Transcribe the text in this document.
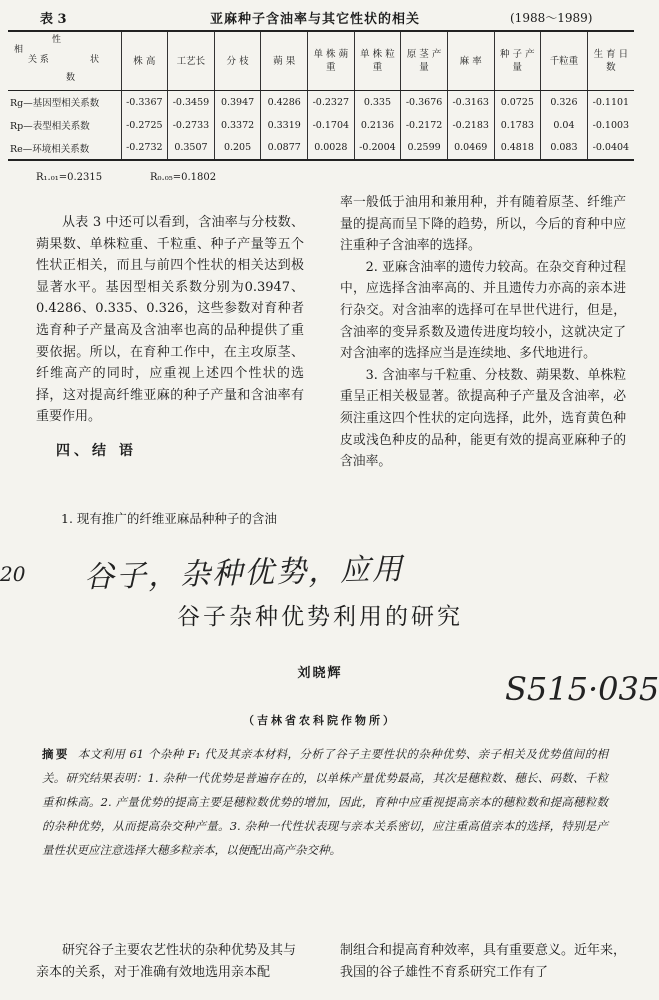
表 3	亚麻种子含油率与其它性状的相关	(1988～1989)
性
相
关 系 状
数	株 高	工艺长	分 枝	蒴 果	单 株 蒴 重	单 株 粒 重	原 茎 产 量	麻 率	种 子 产 量	千粒重	生 育 日 数
Rg—基因型相关系数	-0.3367	-0.3459	0.3947	0.4286	-0.2327	0.335	-0.3676	-0.3163	0.0725	0.326	-0.1101
Rp—表型相关系数	-0.2725	-0.2733	0.3372	0.3319	-0.1704	0.2136	-0.2172	-0.2183	0.1783	0.04	-0.1003
Re—环境相关系数	-0.2732	0.3507	0.205	0.0877	0.0028	-0.2004	0.2599	0.0469	0.4818	0.083	-0.0404
R₁.₀₁=0.2315	R₀.₀₅=0.1802

从表 3 中还可以看到，含油率与分枝数、蒴果数、单株粒重、千粒重、种子产量等五个性状正相关，而且与前四个性状的相关达到极显著水平。基因型相关系数分别为0.3947、0.4286、0.335、0.326，这些参数对育种者选育种子产量高及含油率也高的品种提供了重要依据。所以，在育种工作中，在主攻原茎、纤维高产的同时，应重视上述四个性状的选择，这对提高纤维亚麻的种子产量和含油率有重要作用。

四、结 语
1. 现有推广的纤维亚麻品种种子的含油

率一般低于油用和兼用种，并有随着原茎、纤维产量的提高而呈下降的趋势，所以，今后的育种中应注重种子含油率的选择。

2. 亚麻含油率的遗传力较高。在杂交育种过程中，应选择含油率高的、并且遗传力亦高的亲本进行杂交。对含油率的选择可在早世代进行，但是，含油率的变异系数及遗传进度均较小，这就决定了对含油率的选择应当是连续地、多代地进行。

3. 含油率与千粒重、分枝数、蒴果数、单株粒重呈正相关极显著。欲提高种子产量及含油率，必须注重这四个性状的定向选择，此外，选育黄色种皮或浅色种皮的品种，能更有效的提高亚麻种子的含油率。

20 谷子，杂种优势，应用
S515·035
谷子杂种优势利用的研究
刘晓辉
（吉林省农科院作物所）
摘要 本文利用 61 个杂种 F₁ 代及其亲本材料，分析了谷子主要性状的杂种优势、亲子相关及优势值间的相关。研究结果表明：1. 杂种一代优势是普遍存在的，以单株产量优势最高，其次是穗粒数、穗长、码数、千粒重和株高。2. 产量优势的提高主要是穗粒数优势的增加，因此，育种中应重视提高亲本的穗粒数和提高穗粒数的杂种优势，从而提高杂交种产量。3. 杂种一代性状表现与亲本关系密切，应注重高值亲本的选择，特别是产量性状更应注意选择大穗多粒亲本，以便配出高产杂交种。
研究谷子主要农艺性状的杂种优势及其与亲本的关系，对于准确有效地选用亲本配
制组合和提高育种效率，具有重要意义。近年来，我国的谷子雄性不育系研究工作有了
